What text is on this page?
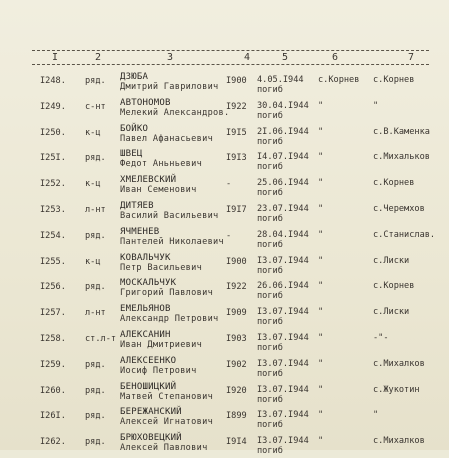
I	2	3	4	5	6	7
I248. ряд. ДЗЮБА
Дмитрий Гаврилович
I900 4.05.I944
погиб
с.Корнев с.Корнев
I249. с-нт АВТОНОМОВ
Мелекий Александров.
I922 30.04.I944
погиб
"	"
I250. к-ц БОЙКО
Павел Афанасьевич
I9I5 2I.06.I944
погиб
"	с.В.Каменка
I25I. ряд. ШВЕЦ
Федот Аньньевич
I9I3 I4.07.I944
погиб
"	с.Михальков
I252. к-ц ХМЕЛЕВСКИЙ
Иван Семенович
-	25.06.I944
погиб
"	с.Корнев
I253. л-нт ДИТЯЕВ
Василий Васильевич
I9I7 23.07.I944
погиб
"	с.Черемхов
I254. ряд. ЯЧМЕНЕВ
Пантелей Николаевич
-	28.04.I944
погиб
"	с.Станислав.
I255. к-ц КОВАЛЬЧУК
Петр Васильевич
I900 I3.07.I944
погиб
"	с.Лиски
I256. ряд. МОСКАЛЬЧУК
Григорий Павлович
I922 26.06.I944
погиб
"	с.Корнев
I257. л-нт ЕМЕЛЬЯНОВ
Александр Петрович
I909 I3.07.I944
погиб
"	с.Лиски
I258. ст.л-т АЛЕКСАНИН
Иван Дмитриевич
I903 I3.07.I944
погиб
"	-"-
I259. ряд. АЛЕКСЕЕНКО
Иосиф Петрович
I902 I3.07.I944
погиб
"	с.Михалков
I260. ряд. БЕНОШИЦКИЙ
Матвей Степанович
I920 I3.07.I944
погиб
"	с.Жукотин
I26I. ряд. БЕРЕЖАНСКИЙ
Алексей Игнатович
I899 I3.07.I944
погиб
"	"
I262. ряд. БРЮХОВЕЦКИЙ
Алексей Павлович
I9I4 I3.07.I944
погиб
"	с.Михалков
